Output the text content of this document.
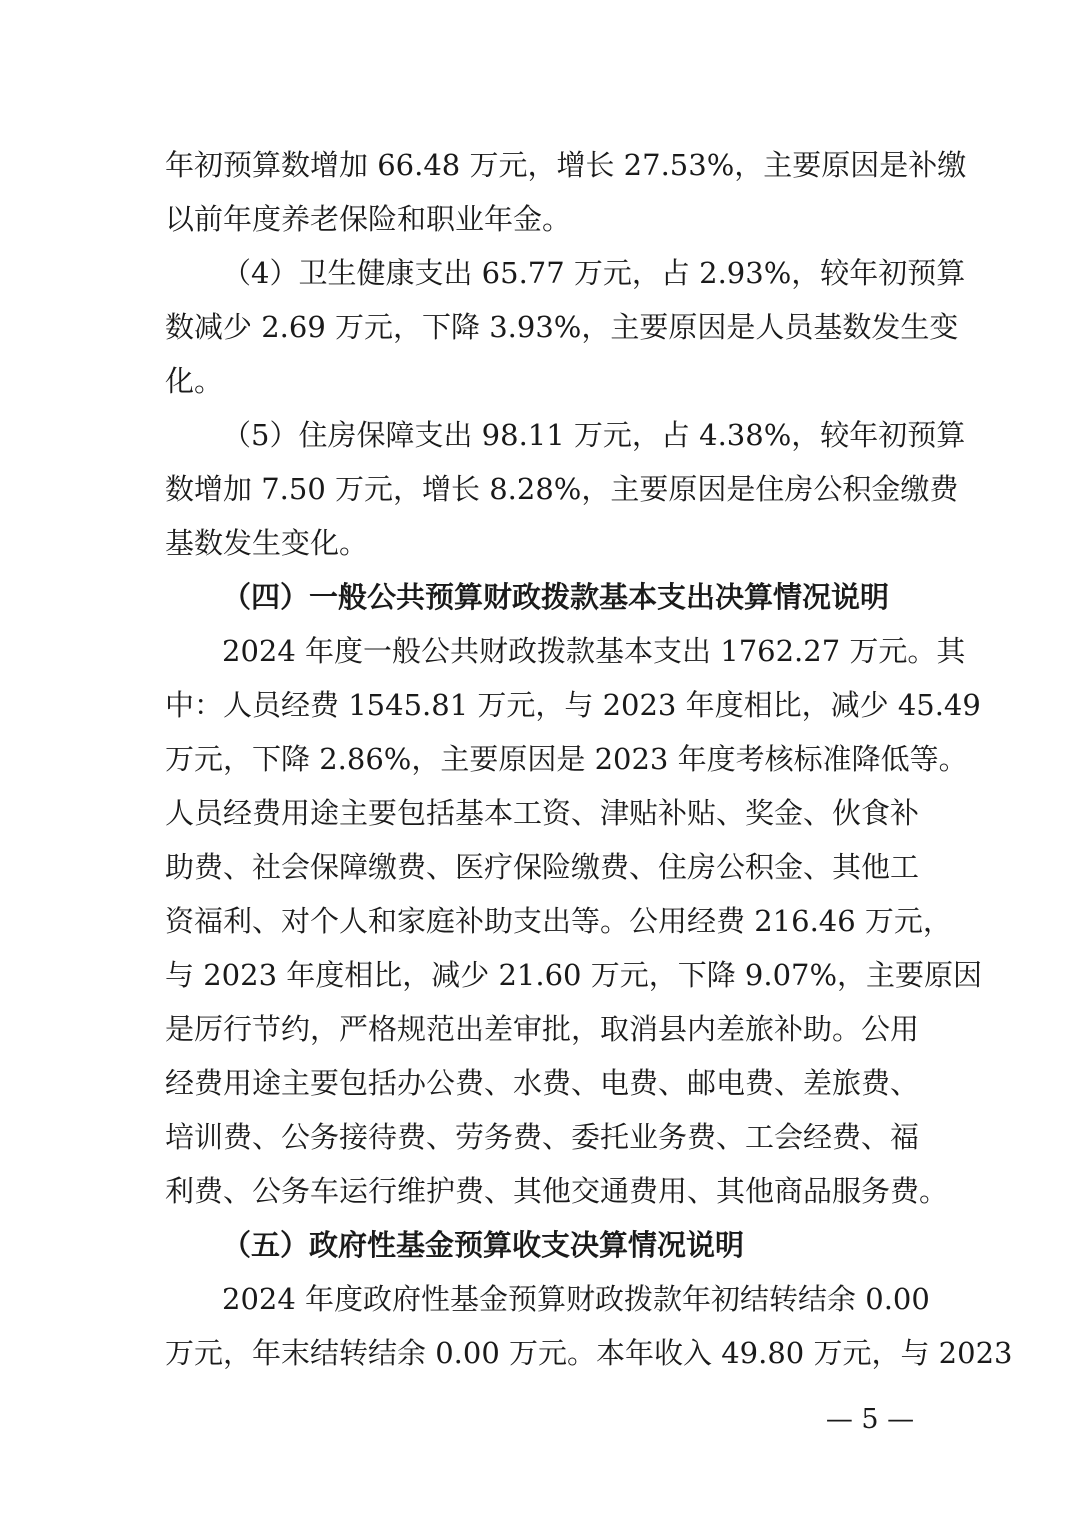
年初预算数增加 66.48 万元，增长 27.53%，主要原因是补缴
以前年度养老保险和职业年金。
（4）卫生健康支出 65.77 万元，占 2.93%，较年初预算
数减少 2.69 万元，下降 3.93%，主要原因是人员基数发生变
化。
（5）住房保障支出 98.11 万元，占 4.38%，较年初预算
数增加 7.50 万元，增长 8.28%，主要原因是住房公积金缴费
基数发生变化。
（四）一般公共预算财政拨款基本支出决算情况说明
2024 年度一般公共财政拨款基本支出 1762.27 万元。其
中：人员经费 1545.81 万元，与 2023 年度相比，减少 45.49
万元，下降 2.86%，主要原因是 2023 年度考核标准降低等。
人员经费用途主要包括基本工资、津贴补贴、奖金、伙食补
助费、社会保障缴费、医疗保险缴费、住房公积金、其他工
资福利、对个人和家庭补助支出等。公用经费 216.46 万元，
与 2023 年度相比，减少 21.60 万元，下降 9.07%，主要原因
是厉行节约，严格规范出差审批，取消县内差旅补助。公用
经费用途主要包括办公费、水费、电费、邮电费、差旅费、
培训费、公务接待费、劳务费、委托业务费、工会经费、福
利费、公务车运行维护费、其他交通费用、其他商品服务费。
（五）政府性基金预算收支决算情况说明
2024 年度政府性基金预算财政拨款年初结转结余 0.00
万元，年末结转结余 0.00 万元。本年收入 49.80 万元，与 2023
— 5 —
